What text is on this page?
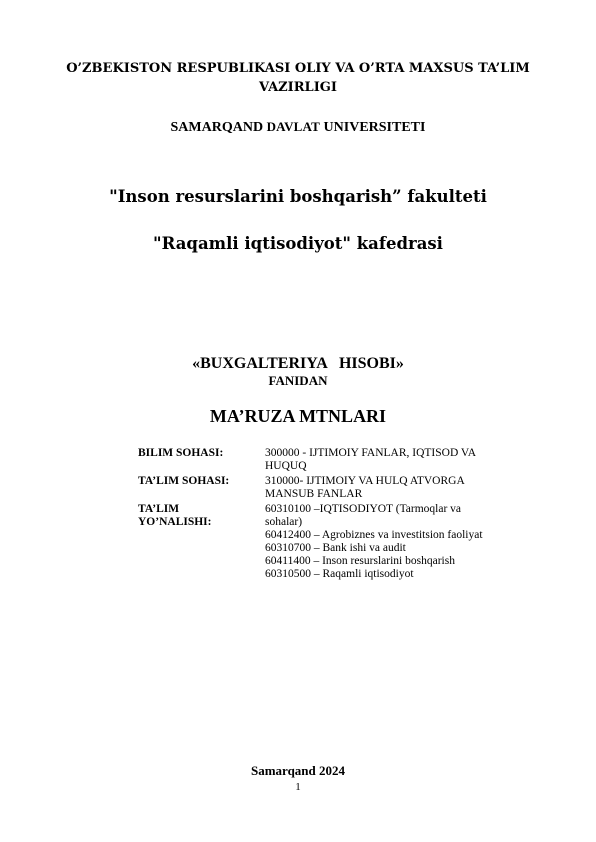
O’ZBEKISTON RESPUBLIKASI OLIY VA O’RTA MAXSUS TA’LIM VAZIRLIGI
SAMARQAND DAVLAT UNIVERSITETI
"Inson resurslarini boshqarish” fakulteti
"Raqamli iqtisodiyot" kafedrasi
«BUXGALTERIYA   HISOBI»
FANIDAN
MA’RUZA MTNLARI
BILIM SOHASI:	300000 - IJTIMOIY FANLAR, IQTISOD VA HUQUQ
TA’LIM SOHASI:	310000- IJTIMOIY VA HULQ ATVORGA MANSUB FANLAR
TA’LIM YO’NALISHI:
60310100 –IQTISODIYOT (Tarmoqlar va sohalar)
60412400 – Agrobiznes va investitsion faoliyat
60310700 – Bank ishi va audit
60411400 – Inson resurslarini boshqarish
60310500 – Raqamli iqtisodiyot
Samarqand 2024
1
